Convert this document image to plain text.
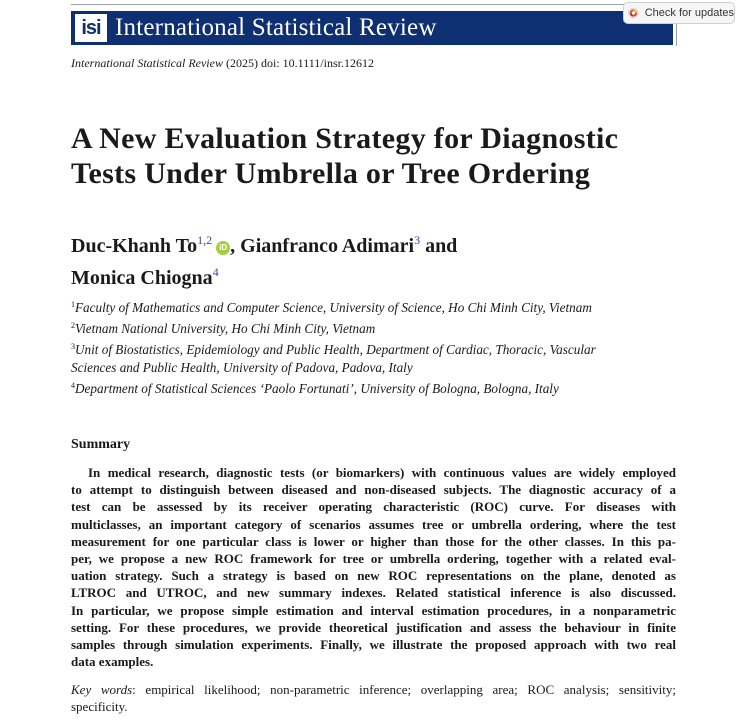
isi International Statistical Review
Check for updates
International Statistical Review (2025) doi: 10.1111/insr.12612
A New Evaluation Strategy for Diagnostic
Tests Under Umbrella or Tree Ordering
Duc-Khanh To$^{1,2}$iD , Gianfranco Adimari$^3$ and
Monica Chiogna$^4$
$^1$Faculty of Mathematics and Computer Science, University of Science, Ho Chi Minh City, Vietnam
$^2$Vietnam National University, Ho Chi Minh City, Vietnam
$^3$Unit of Biostatistics, Epidemiology and Public Health, Department of Cardiac, Thoracic, Vascular
Sciences and Public Health, University of Padova, Padova, Italy
$^4$Department of Statistical Sciences ‘Paolo Fortunati’, University of Bologna, Bologna, Italy
Summary
In medical research, diagnostic tests (or biomarkers) with continuous values are widely employed
to attempt to distinguish between diseased and non-diseased subjects. The diagnostic accuracy of a
test can be assessed by its receiver operating characteristic (ROC) curve. For diseases with
multiclasses, an important category of scenarios assumes tree or umbrella ordering, where the test
measurement for one particular class is lower or higher than those for the other classes. In this pa-
per, we propose a new ROC framework for tree or umbrella ordering, together with a related eval-
uation strategy. Such a strategy is based on new ROC representations on the plane, denoted as
LTROC and UTROC, and new summary indexes. Related statistical inference is also discussed.
In particular, we propose simple estimation and interval estimation procedures, in a nonparametric
setting. For these procedures, we provide theoretical justification and assess the behaviour in finite
samples through simulation experiments. Finally, we illustrate the proposed approach with two real
data examples.
Key words: empirical likelihood; non-parametric inference; overlapping area; ROC analysis; sensitivity;
specificity.
